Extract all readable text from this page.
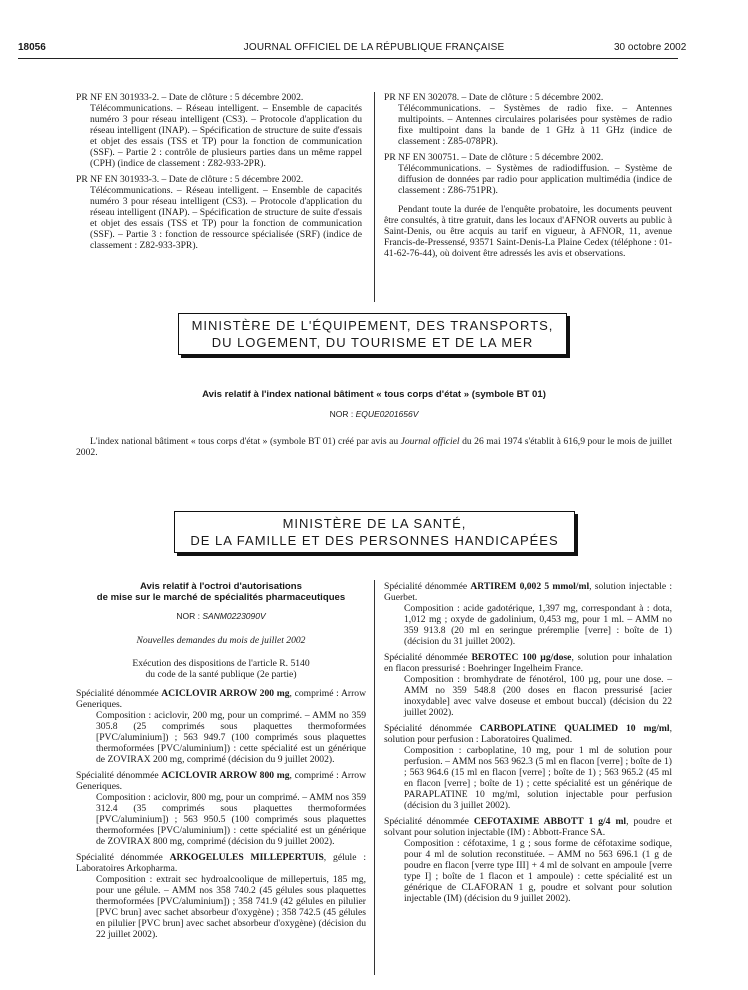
18056	JOURNAL OFFICIEL DE LA RÉPUBLIQUE FRANÇAISE	30 octobre 2002

PR NF EN 301933-2. – Date de clôture : 5 décembre 2002.

Télécommunications. – Réseau intelligent. – Ensemble de capacités numéro 3 pour réseau intelligent (CS3). – Protocole d'application du réseau intelligent (INAP). – Spécification de structure de suite d'essais et objet des essais (TSS et TP) pour la fonction de communication (SSF). – Partie 2 : contrôle de plusieurs parties dans un même rappel (CPH) (indice de classement : Z82-933-2PR).

PR NF EN 301933-3. – Date de clôture : 5 décembre 2002.

Télécommunications. – Réseau intelligent. – Ensemble de capacités numéro 3 pour réseau intelligent (CS3). – Protocole d'application du réseau intelligent (INAP). – Spécification de structure de suite d'essais et objet des essais (TSS et TP) pour la fonction de communication (SSF). – Partie 3 : fonction de ressource spécialisée (SRF) (indice de classement : Z82-933-3PR).

PR NF EN 302078. – Date de clôture : 5 décembre 2002.

Télécommunications. – Systèmes de radio fixe. – Antennes multipoints. – Antennes circulaires polarisées pour systèmes de radio fixe multipoint dans la bande de 1 GHz à 11 GHz (indice de classement : Z85-078PR).

PR NF EN 300751. – Date de clôture : 5 décembre 2002.

Télécommunications. – Systèmes de radiodiffusion. – Système de diffusion de données par radio pour application multimédia (indice de classement : Z86-751PR).

Pendant toute la durée de l'enquête probatoire, les documents peuvent être consultés, à titre gratuit, dans les locaux d'AFNOR ouverts au public à Saint-Denis, ou être acquis au tarif en vigueur, à AFNOR, 11, avenue Francis-de-Pressensé, 93571 Saint-Denis-La Plaine Cedex (téléphone : 01-41-62-76-44), où doivent être adressés les avis et observations.

MINISTÈRE DE L'ÉQUIPEMENT, DES TRANSPORTS,
DU LOGEMENT, DU TOURISME ET DE LA MER
Avis relatif à l'index national bâtiment « tous corps d'état » (symbole BT 01)
NOR : EQUE0201656V
L'index national bâtiment « tous corps d'état » (symbole BT 01) créé par avis au Journal officiel du 26 mai 1974 s'établit à 616,9 pour le mois de juillet 2002.
MINISTÈRE DE LA SANTÉ,
DE LA FAMILLE ET DES PERSONNES HANDICAPÉES
Avis relatif à l'octroi d'autorisations
de mise sur le marché de spécialités pharmaceutiques
NOR : SANM0223090V

Nouvelles demandes du mois de juillet 2002

Exécution des dispositions de l'article R. 5140

du code de la santé publique (2e partie)

Spécialité dénommée ACICLOVIR ARROW 200 mg, comprimé : Arrow Generiques.

Composition : aciclovir, 200 mg, pour un comprimé. – AMM no 359 305.8 (25 comprimés sous plaquettes thermoformées [PVC/aluminium]) ; 563 949.7 (100 comprimés sous plaquettes thermoformées [PVC/aluminium]) : cette spécialité est un générique de ZOVIRAX 200 mg, comprimé (décision du 9 juillet 2002).

Spécialité dénommée ACICLOVIR ARROW 800 mg, comprimé : Arrow Generiques.

Composition : aciclovir, 800 mg, pour un comprimé. – AMM nos 359 312.4 (35 comprimés sous plaquettes thermoformées [PVC/aluminium]) ; 563 950.5 (100 comprimés sous plaquettes thermoformées [PVC/aluminium]) : cette spécialité est un générique de ZOVIRAX 800 mg, comprimé (décision du 9 juillet 2002).

Spécialité dénommée ARKOGELULES MILLEPERTUIS, gélule : Laboratoires Arkopharma.

Composition : extrait sec hydroalcoolique de millepertuis, 185 mg, pour une gélule. – AMM nos 358 740.2 (45 gélules sous plaquettes thermoformées [PVC/aluminium]) ; 358 741.9 (42 gélules en pilulier [PVC brun] avec sachet absorbeur d'oxygène) ; 358 742.5 (45 gélules en pilulier [PVC brun] avec sachet absorbeur d'oxygène) (décision du 22 juillet 2002).

Spécialité dénommée ARTIREM 0,002 5 mmol/ml, solution injectable : Guerbet.

Composition : acide gadotérique, 1,397 mg, correspondant à : dota, 1,012 mg ; oxyde de gadolinium, 0,453 mg, pour 1 ml. – AMM no 359 913.8 (20 ml en seringue préremplie [verre] : boîte de 1) (décision du 31 juillet 2002).

Spécialité dénommée BEROTEC 100 µg/dose, solution pour inhalation en flacon pressurisé : Boehringer Ingelheim France.

Composition : bromhydrate de fénotérol, 100 µg, pour une dose. – AMM no 359 548.8 (200 doses en flacon pressurisé [acier inoxydable] avec valve doseuse et embout buccal) (décision du 22 juillet 2002).

Spécialité dénommée CARBOPLATINE QUALIMED 10 mg/ml, solution pour perfusion : Laboratoires Qualimed.

Composition : carboplatine, 10 mg, pour 1 ml de solution pour perfusion. – AMM nos 563 962.3 (5 ml en flacon [verre] ; boîte de 1) ; 563 964.6 (15 ml en flacon [verre] ; boîte de 1) ; 563 965.2 (45 ml en flacon [verre] ; boîte de 1) ; cette spécialité est un générique de PARAPLATINE 10 mg/ml, solution injectable pour perfusion (décision du 3 juillet 2002).

Spécialité dénommée CEFOTAXIME ABBOTT 1 g/4 ml, poudre et solvant pour solution injectable (IM) : Abbott-France SA.

Composition : céfotaxime, 1 g ; sous forme de céfotaxime sodique, pour 4 ml de solution reconstituée. – AMM no 563 696.1 (1 g de poudre en flacon [verre type III] + 4 ml de solvant en ampoule [verre type I] ; boîte de 1 flacon et 1 ampoule) : cette spécialité est un générique de CLAFORAN 1 g, poudre et solvant pour solution injectable (IM) (décision du 9 juillet 2002).
